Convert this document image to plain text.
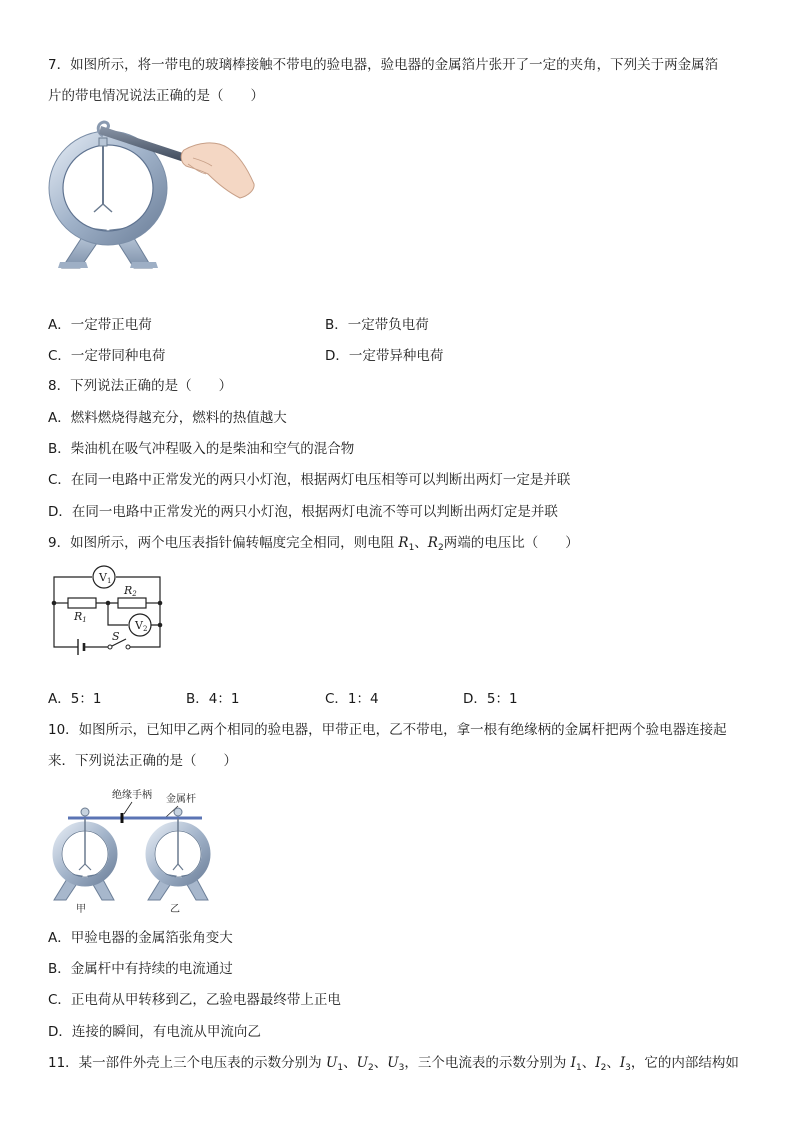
7．如图所示，将一带电的玻璃棒接触不带电的验电器，验电器的金属箔片张开了一定的夹角，下列关于两金属箔
片的带电情况说法正确的是（　　）
A．一定带正电荷	B．一定带负电荷
C．一定带同种电荷	D．一定带异种电荷
8．下列说法正确的是（　　）
A．燃料燃烧得越充分，燃料的热值越大
B．柴油机在吸气冲程吸入的是柴油和空气的混合物
C．在同一电路中正常发光的两只小灯泡，根据两灯电压相等可以判断出两灯一定是并联
D．在同一电路中正常发光的两只小灯泡，根据两灯电流不等可以判断出两灯定是并联
9．如图所示，两个电压表指针偏转幅度完全相同，则电阻 $R_1$、$R_2$两端的电压比（　　）
V1
V2
R1
R2
S
A．5：1	B．4：1	C．1：4	D．5：1
10．如图所示，已知甲乙两个相同的验电器，甲带正电，乙不带电，拿一根有绝缘柄的金属杆把两个验电器连接起
来．下列说法正确的是（　　）
绝缘手柄 金属杆
甲	乙
A．甲验电器的金属箔张角变大
B．金属杆中有持续的电流通过
C．正电荷从甲转移到乙，乙验电器最终带上正电
D．连接的瞬间，有电流从甲流向乙
11．某一部件外壳上三个电压表的示数分别为 $U_1$、$U_2$、$U_3$，三个电流表的示数分别为 $I_1$、$I_2$、$I_3$，它的内部结构如
